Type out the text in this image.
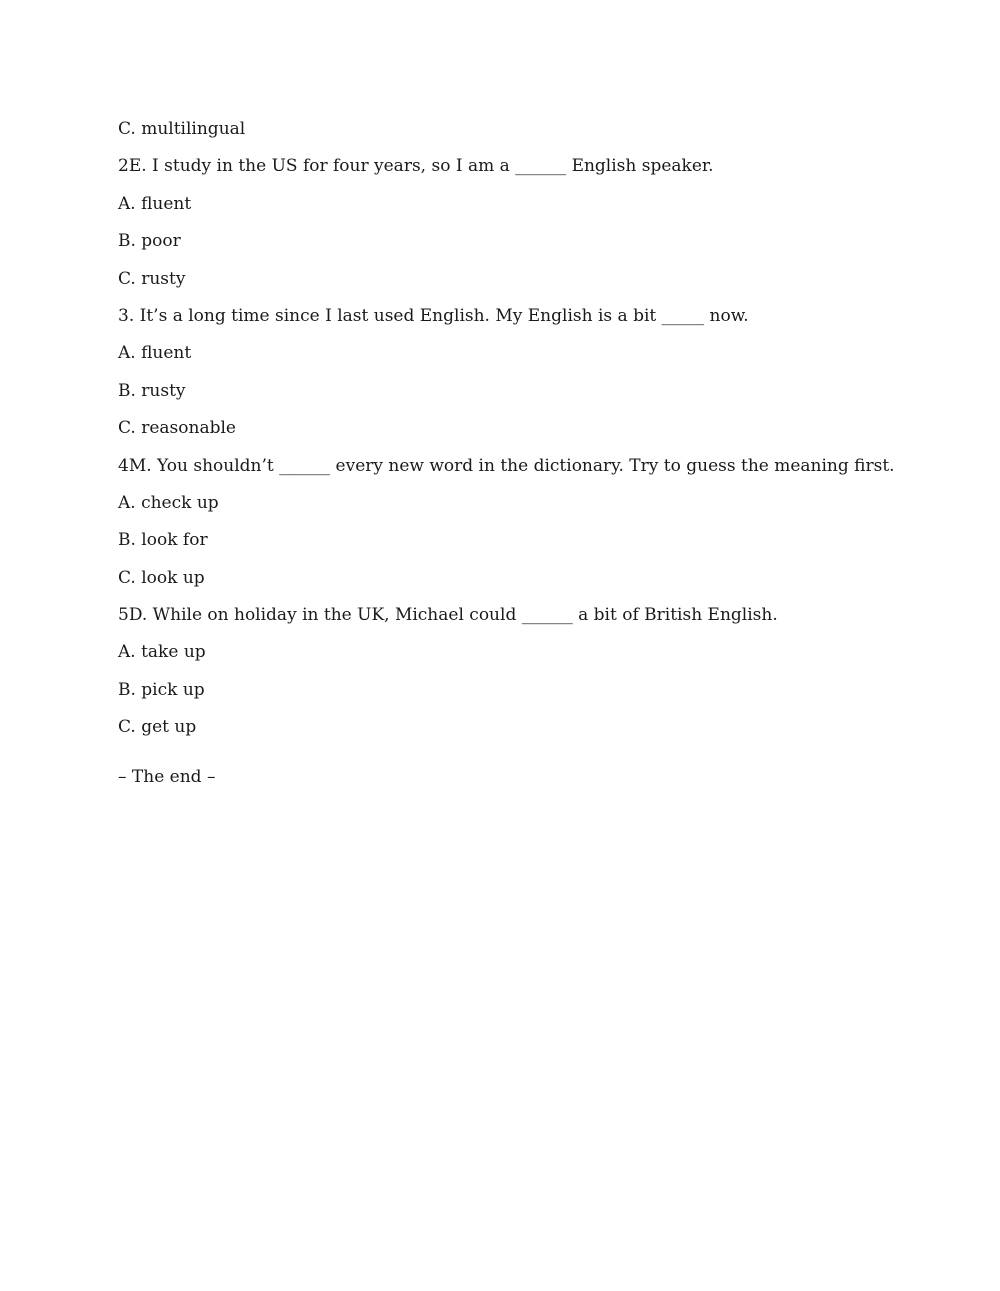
C. multilingual
2E. I study in the US for four years, so I am a ______ English speaker.
A. fluent
B. poor
C. rusty
3. It’s a long time since I last used English. My English is a bit _____ now.
A. fluent
B. rusty
C. reasonable
4M. You shouldn’t ______ every new word in the dictionary. Try to guess the meaning first.
A. check up
B. look for
C. look up
5D. While on holiday in the UK, Michael could ______ a bit of British English.
A. take up
B. pick up
C. get up
– The end –
